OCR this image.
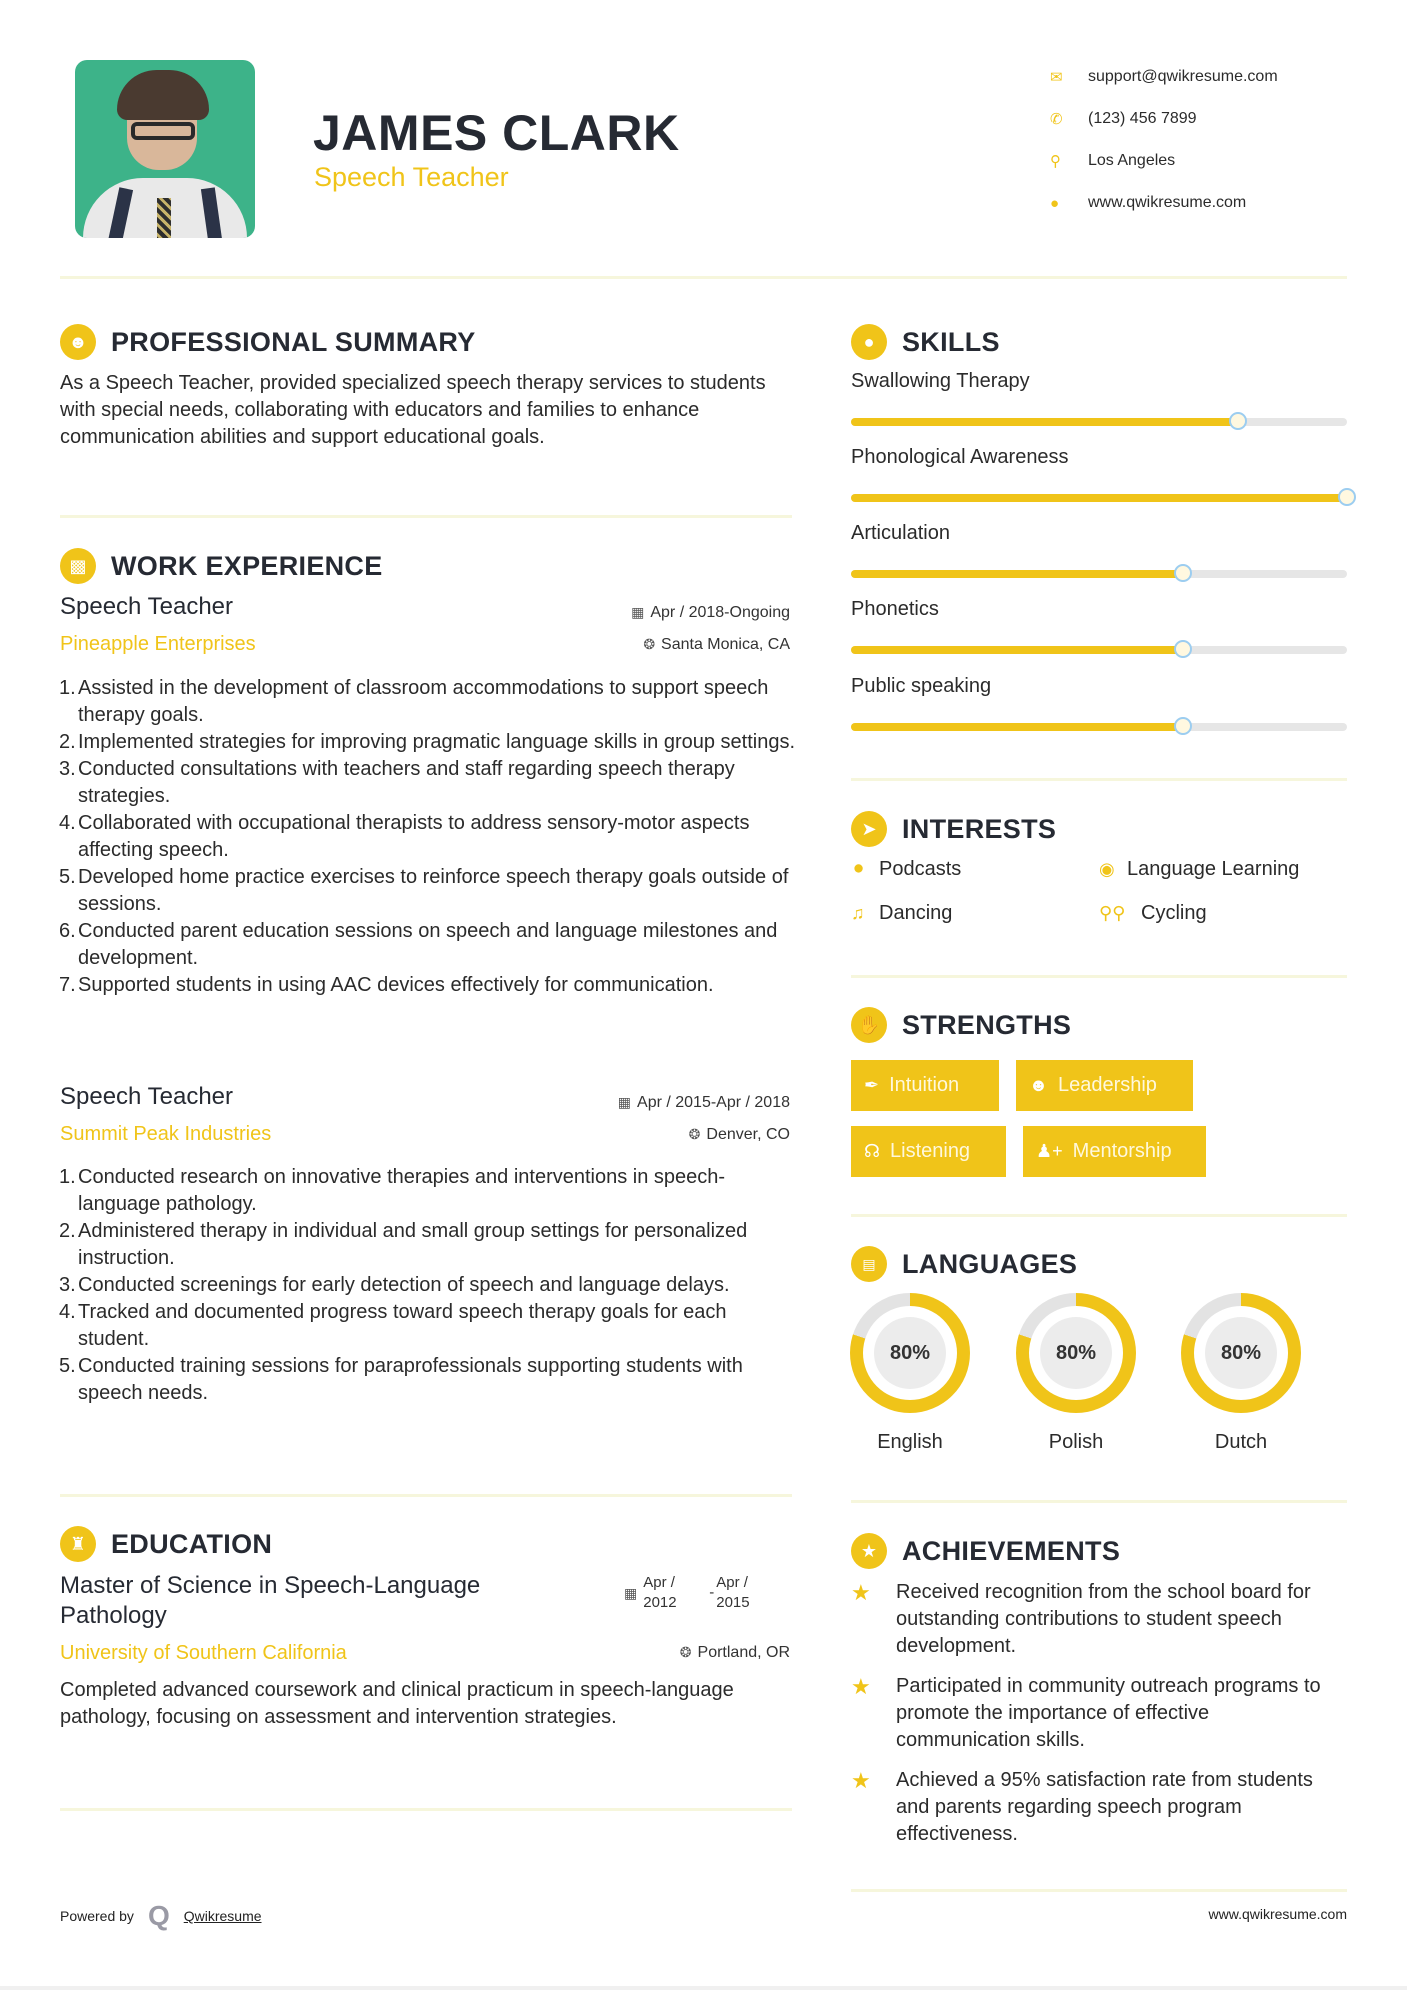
JAMES CLARK
Speech Teacher
✉	support@qwikresume.com
✆	(123) 456 7899
⚲	Los Angeles
●	www.qwikresume.com
☻ PROFESSIONAL SUMMARY
As a Speech Teacher, provided specialized speech therapy services to students with special needs, collaborating with educators and families to enhance communication abilities and support educational goals.
▩ WORK EXPERIENCE
Speech Teacher
Pineapple Enterprises
▦ Apr / 2018-Ongoing
❂ Santa Monica, CA
1. Assisted in the development of classroom accommodations to support speech therapy goals.
2. Implemented strategies for improving pragmatic language skills in group settings.
3. Conducted consultations with teachers and staff regarding speech therapy strategies.
4. Collaborated with occupational therapists to address sensory-motor aspects affecting speech.
5. Developed home practice exercises to reinforce speech therapy goals outside of sessions.
6. Conducted parent education sessions on speech and language milestones and development.
7. Supported students in using AAC devices effectively for communication.
Speech Teacher
Summit Peak Industries
▦ Apr / 2015-Apr / 2018
❂ Denver, CO
1. Conducted research on innovative therapies and interventions in speech-language pathology.
2. Administered therapy in individual and small group settings for personalized instruction.
3. Conducted screenings for early detection of speech and language delays.
4. Tracked and documented progress toward speech therapy goals for each student.
5. Conducted training sessions for paraprofessionals supporting students with speech needs.
♜ EDUCATION
Master of Science in Speech-Language Pathology
▦
Apr / 2012
-
Apr / 2015
University of Southern California	❂ Portland, OR
Completed advanced coursework and clinical practicum in speech-language pathology, focusing on assessment and intervention strategies.
●	SKILLS
Swallowing Therapy
Phonological Awareness
Articulation
Phonetics
Public speaking
➤ INTERESTS
⚫ Podcasts	◉ Language Learning
♫ Dancing	⚲⚲ Cycling
✋ STRENGTHS
✒ Intuition	☻ Leadership
☊ Listening	♟+ Mentorship
▤ LANGUAGES
80%
English
80%
Polish
80%
Dutch
★ ACHIEVEMENTS
★	Received recognition from the school board for outstanding contributions to student speech development.
★	Participated in community outreach programs to promote the importance of effective communication skills.
★	Achieved a 95% satisfaction rate from students and parents regarding speech program effectiveness.
Powered by Q Qwikresume	www.qwikresume.com
